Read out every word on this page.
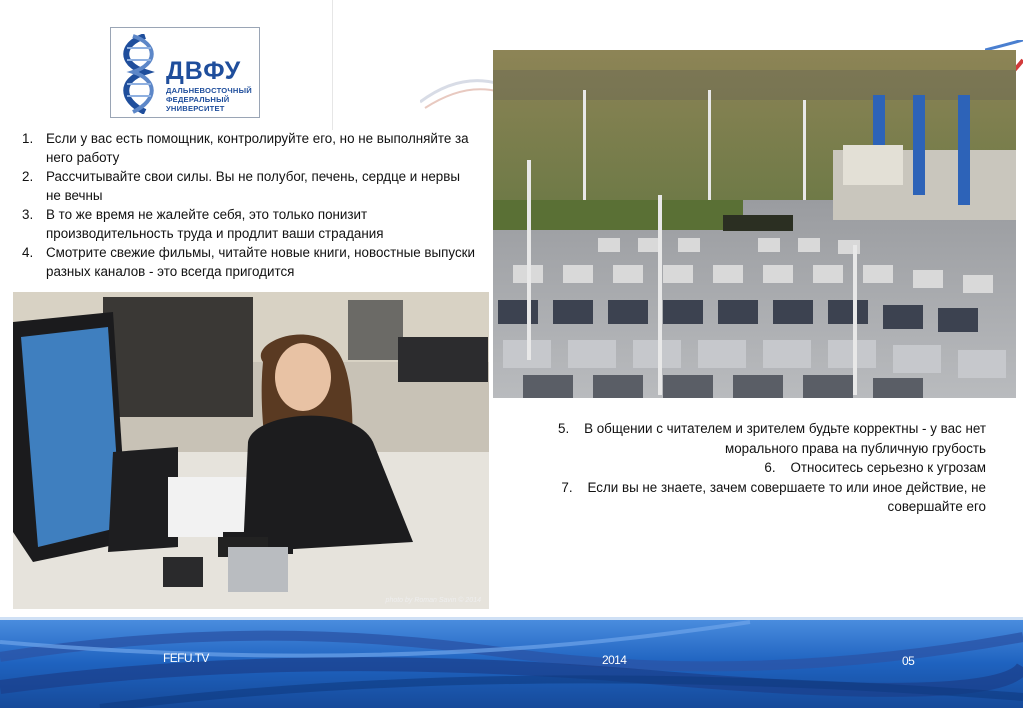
ДВФУ
ДАЛЬНЕВОСТОЧНЫЙ
ФЕДЕРАЛЬНЫЙ
УНИВЕРСИТЕТ
1. Если у вас есть помощник, контролируйте его, но не выполняйте за него работу
2. Рассчитывайте свои силы. Вы не полубог, печень, сердце и нервы не вечны
3. В то же время не жалейте себя, это только понизит производительность труда и продлит ваши страдания
4. Смотрите свежие фильмы, читайте новые книги, новостные выпуски разных каналов - это всегда пригодится
photo by Roman Savin © 2014
5. В общении с читателем и зрителем будьте корректны - у вас нет
морального права на публичную грубость
6. Относитесь серьезно к угрозам
7. Если вы не знаете, зачем совершаете то или иное действие, не
совершайте его
FEFU.TV	2014	05
